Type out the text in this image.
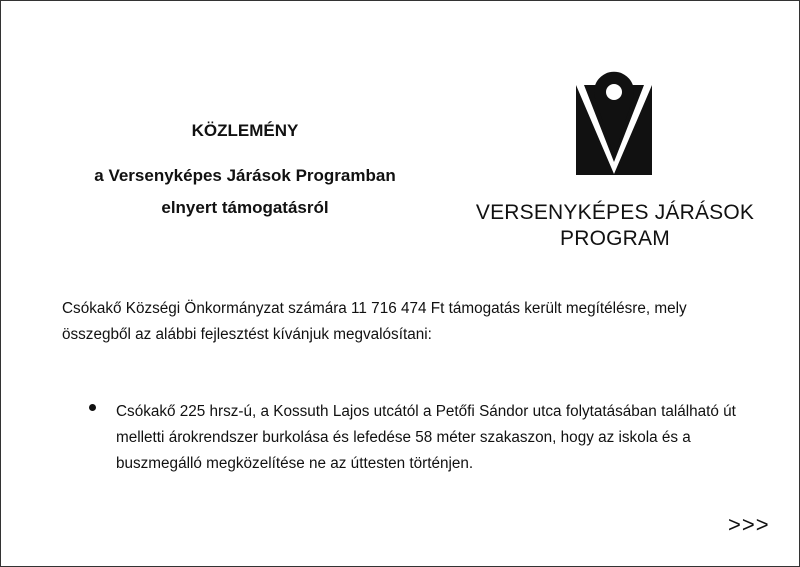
KÖZLEMÉNY
a Versenyképes Járások Programban
elnyert támogatásról	VERSENYKÉPES JÁRÁSOK
PROGRAM
Csókakő Községi Önkormányzat számára 11 716 474 Ft támogatás került megítélésre, mely összegből az alábbi fejlesztést kívánjuk megvalósítani:
Csókakő 225 hrsz-ú, a Kossuth Lajos utcától a Petőfi Sándor utca folytatásában található út melletti árokrendszer burkolása és lefedése 58 méter szakaszon, hogy az iskola és a buszmegálló megközelítése ne az úttesten történjen.
>>>
